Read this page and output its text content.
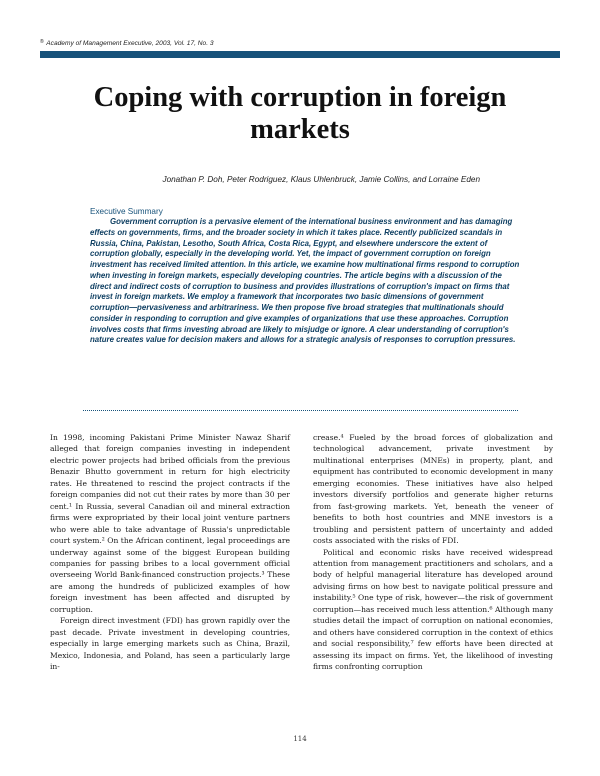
® Academy of Management Executive, 2003, Vol. 17, No. 3
Coping with corruption in foreign markets
Jonathan P. Doh, Peter Rodriguez, Klaus Uhlenbruck, Jamie Collins, and Lorraine Eden
Executive Summary
Government corruption is a pervasive element of the international business environment and has damaging effects on governments, firms, and the broader society in which it takes place. Recently publicized scandals in Russia, China, Pakistan, Lesotho, South Africa, Costa Rica, Egypt, and elsewhere underscore the extent of corruption globally, especially in the developing world. Yet, the impact of government corruption on foreign investment has received limited attention. In this article, we examine how multinational firms respond to corruption when investing in foreign markets, especially developing countries. The article begins with a discussion of the direct and indirect costs of corruption to business and provides illustrations of corruption's impact on firms that invest in foreign markets. We employ a framework that incorporates two basic dimensions of government corruption—pervasiveness and arbitrariness. We then propose five broad strategies that multinationals should consider in responding to corruption and give examples of organizations that use these approaches. Corruption involves costs that firms investing abroad are likely to misjudge or ignore. A clear understanding of corruption's nature creates value for decision makers and allows for a strategic analysis of responses to corruption pressures.

In 1998, incoming Pakistani Prime Minister Nawaz Sharif alleged that foreign companies investing in independent electric power projects had bribed officials from the previous Benazir Bhutto government in return for high electricity rates. He threatened to rescind the project contracts if the foreign companies did not cut their rates by more than 30 per cent.¹ In Russia, several Canadian oil and mineral extraction firms were expropriated by their local joint venture partners who were able to take advantage of Russia's unpredictable court system.² On the African continent, legal proceedings are underway against some of the biggest European building companies for passing bribes to a local government official overseeing World Bank-financed construction projects.³ These are among the hundreds of publicized examples of how foreign investment has been affected and disrupted by corruption.

Foreign direct investment (FDI) has grown rapidly over the past decade. Private investment in developing countries, especially in large emerging markets such as China, Brazil, Mexico, Indonesia, and Poland, has seen a particularly large in-

crease.⁴ Fueled by the broad forces of globalization and technological advancement, private investment by multinational enterprises (MNEs) in property, plant, and equipment has contributed to economic development in many emerging economies. These initiatives have also helped investors diversify portfolios and generate higher returns from fast-growing markets. Yet, beneath the veneer of benefits to both host countries and MNE investors is a troubling and persistent pattern of uncertainty and added costs associated with the risks of FDI.

Political and economic risks have received widespread attention from management practitioners and scholars, and a body of helpful managerial literature has developed around advising firms on how best to navigate political pressure and instability.⁵ One type of risk, however—the risk of government corruption—has received much less attention.⁶ Although many studies detail the impact of corruption on national economies, and others have considered corruption in the context of ethics and social responsibility,⁷ few efforts have been directed at assessing its impact on firms. Yet, the likelihood of investing firms confronting corruption

114
